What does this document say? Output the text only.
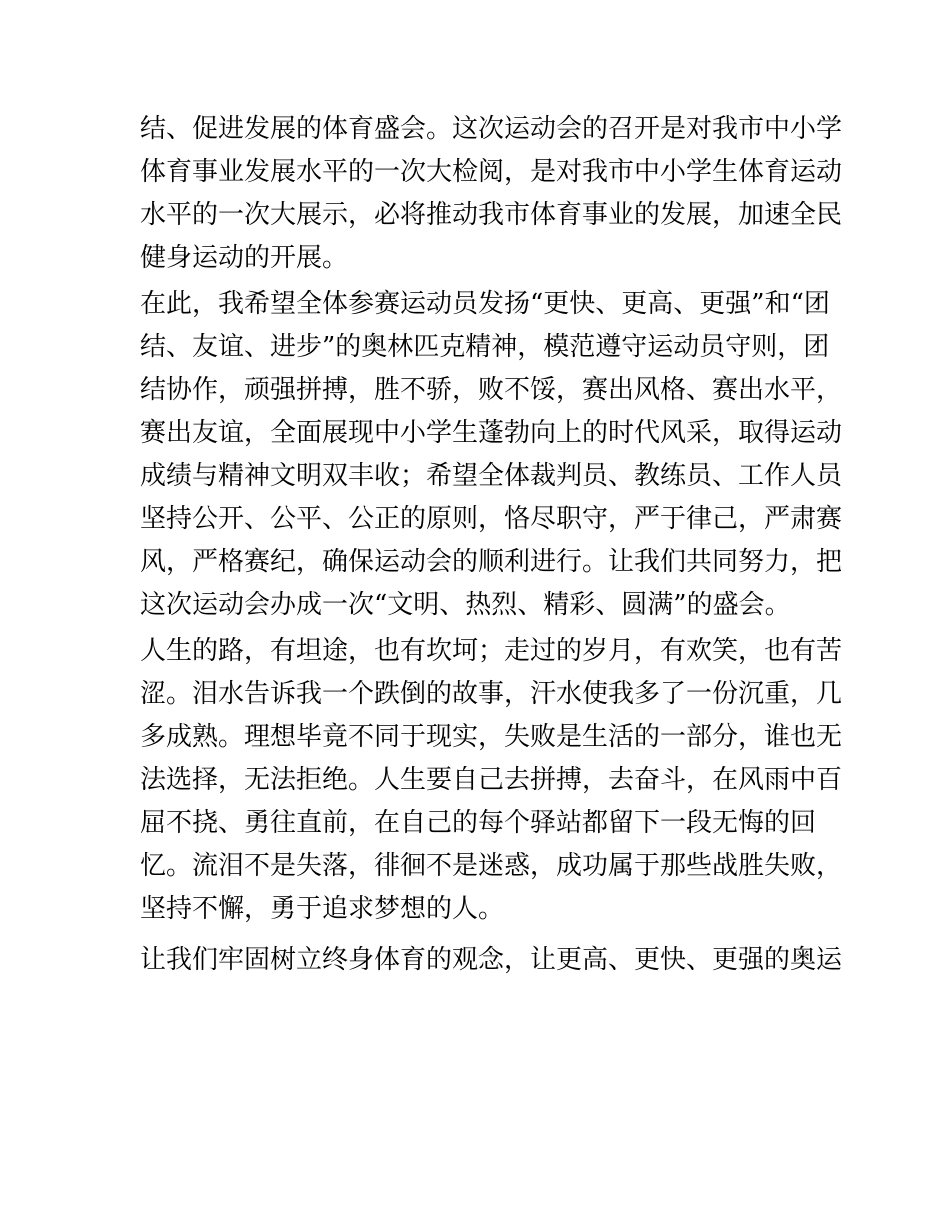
结、促进发展的体育盛会。这次运动会的召开是对我市中小学
体育事业发展水平的一次大检阅，是对我市中小学生体育运动
水平的一次大展示，必将推动我市体育事业的发展，加速全民
健身运动的开展。

在此，我希望全体参赛运动员发扬“更快、更高、更强”和“团
结、友谊、进步”的奥林匹克精神，模范遵守运动员守则，团
结协作，顽强拼搏，胜不骄，败不馁，赛出风格、赛出水平，
赛出友谊，全面展现中小学生蓬勃向上的时代风采，取得运动
成绩与精神文明双丰收；希望全体裁判员、教练员、工作人员
坚持公开、公平、公正的原则，恪尽职守，严于律己，严肃赛
风，严格赛纪，确保运动会的顺利进行。让我们共同努力，把
这次运动会办成一次“文明、热烈、精彩、圆满”的盛会。

人生的路，有坦途，也有坎坷；走过的岁月，有欢笑，也有苦
涩。泪水告诉我一个跌倒的故事，汗水使我多了一份沉重，几
多成熟。理想毕竟不同于现实，失败是生活的一部分，谁也无
法选择，无法拒绝。人生要自己去拼搏，去奋斗，在风雨中百
屈不挠、勇往直前，在自己的每个驿站都留下一段无悔的回
忆。流泪不是失落，徘徊不是迷惑，成功属于那些战胜失败，
坚持不懈，勇于追求梦想的人。

让我们牢固树立终身体育的观念，让更高、更快、更强的奥运
